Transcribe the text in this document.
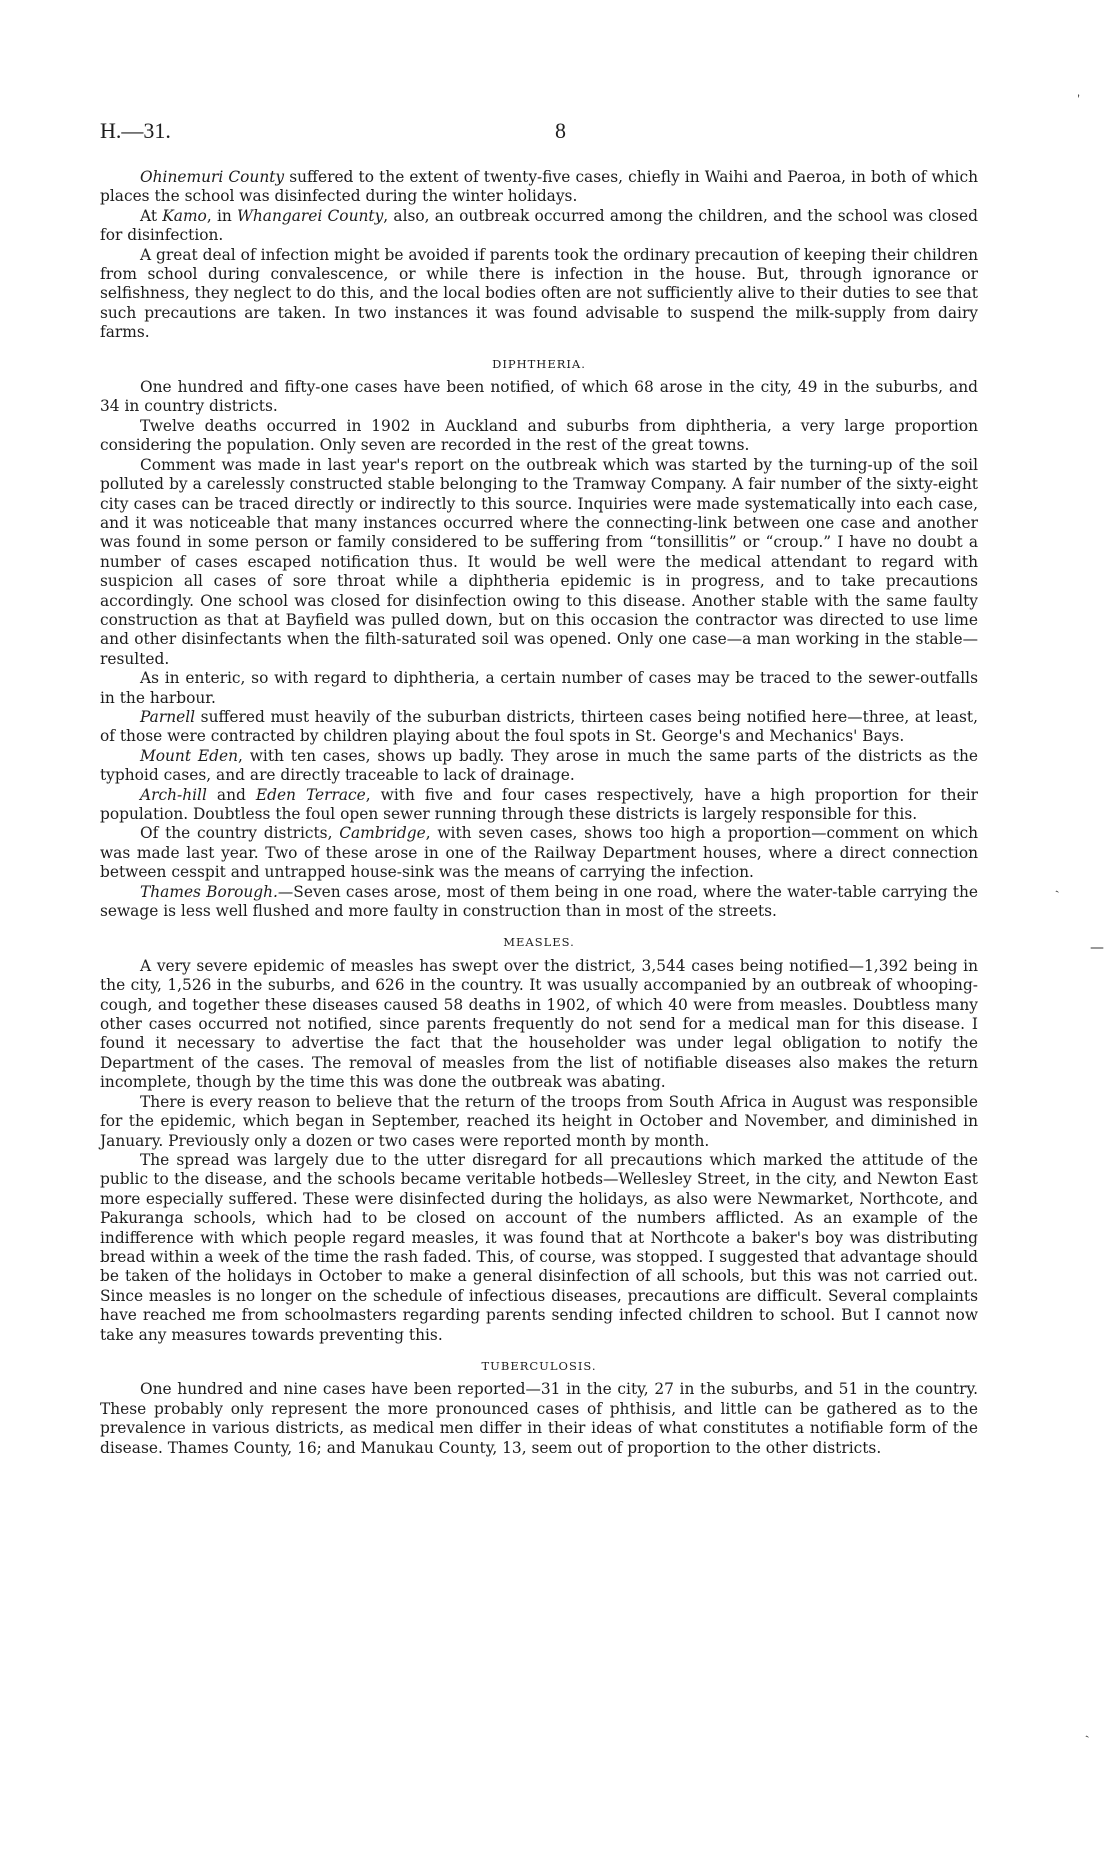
H.—31.	8

Ohinemuri County suffered to the extent of twenty-five cases, chiefly in Waihi and Paeroa, in both of which places the school was disinfected during the winter holidays.

At Kamo, in Whangarei County, also, an outbreak occurred among the children, and the school was closed for disinfection.

A great deal of infection might be avoided if parents took the ordinary precaution of keeping their children from school during convalescence, or while there is infection in the house. But, through ignorance or selfishness, they neglect to do this, and the local bodies often are not sufficiently alive to their duties to see that such precautions are taken. In two instances it was found advisable to suspend the milk-supply from dairy farms.

DIPHTHERIA.

One hundred and fifty-one cases have been notified, of which 68 arose in the city, 49 in the suburbs, and 34 in country districts.

Twelve deaths occurred in 1902 in Auckland and suburbs from diphtheria, a very large proportion considering the population. Only seven are recorded in the rest of the great towns.

Comment was made in last year's report on the outbreak which was started by the turning-up of the soil polluted by a carelessly constructed stable belonging to the Tramway Company. A fair number of the sixty-eight city cases can be traced directly or indirectly to this source. Inquiries were made systematically into each case, and it was noticeable that many instances occurred where the connecting-link between one case and another was found in some person or family considered to be suffering from “tonsillitis” or “croup.” I have no doubt a number of cases escaped notification thus. It would be well were the medical attendant to regard with suspicion all cases of sore throat while a diphtheria epidemic is in progress, and to take precautions accordingly. One school was closed for disinfection owing to this disease. Another stable with the same faulty construction as that at Bayfield was pulled down, but on this occasion the contractor was directed to use lime and other disinfectants when the filth-saturated soil was opened. Only one case—a man working in the stable—resulted.

As in enteric, so with regard to diphtheria, a certain number of cases may be traced to the sewer-outfalls in the harbour.

Parnell suffered must heavily of the suburban districts, thirteen cases being notified here—three, at least, of those were contracted by children playing about the foul spots in St. George's and Mechanics' Bays.

Mount Eden, with ten cases, shows up badly. They arose in much the same parts of the districts as the typhoid cases, and are directly traceable to lack of drainage.

Arch-hill and Eden Terrace, with five and four cases respectively, have a high proportion for their population. Doubtless the foul open sewer running through these districts is largely responsible for this.

Of the country districts, Cambridge, with seven cases, shows too high a proportion—comment on which was made last year. Two of these arose in one of the Railway Department houses, where a direct connection between cesspit and untrapped house-sink was the means of carrying the infection.

Thames Borough.—Seven cases arose, most of them being in one road, where the water-table carrying the sewage is less well flushed and more faulty in construction than in most of the streets.

MEASLES.

A very severe epidemic of measles has swept over the district, 3,544 cases being notified—1,392 being in the city, 1,526 in the suburbs, and 626 in the country. It was usually accompanied by an outbreak of whooping-cough, and together these diseases caused 58 deaths in 1902, of which 40 were from measles. Doubtless many other cases occurred not notified, since parents frequently do not send for a medical man for this disease. I found it necessary to advertise the fact that the householder was under legal obligation to notify the Department of the cases. The removal of measles from the list of notifiable diseases also makes the return incomplete, though by the time this was done the outbreak was abating.

There is every reason to believe that the return of the troops from South Africa in August was responsible for the epidemic, which began in September, reached its height in October and November, and diminished in January. Previously only a dozen or two cases were reported month by month.

The spread was largely due to the utter disregard for all precautions which marked the attitude of the public to the disease, and the schools became veritable hotbeds—Wellesley Street, in the city, and Newton East more especially suffered. These were disinfected during the holidays, as also were Newmarket, Northcote, and Pakuranga schools, which had to be closed on account of the numbers afflicted. As an example of the indifference with which people regard measles, it was found that at Northcote a baker's boy was distributing bread within a week of the time the rash faded. This, of course, was stopped. I suggested that advantage should be taken of the holidays in October to make a general disinfection of all schools, but this was not carried out. Since measles is no longer on the schedule of infectious diseases, precautions are difficult. Several complaints have reached me from schoolmasters regarding parents sending infected children to school. But I cannot now take any measures towards preventing this.

TUBERCULOSIS.

One hundred and nine cases have been reported—31 in the city, 27 in the suburbs, and 51 in the country. These probably only represent the more pronounced cases of phthisis, and little can be gathered as to the prevalence in various districts, as medical men differ in their ideas of what constitutes a notifiable form of the disease. Thames County, 16; and Manukau County, 13, seem out of proportion to the other districts.

‵
‵
—
‵
